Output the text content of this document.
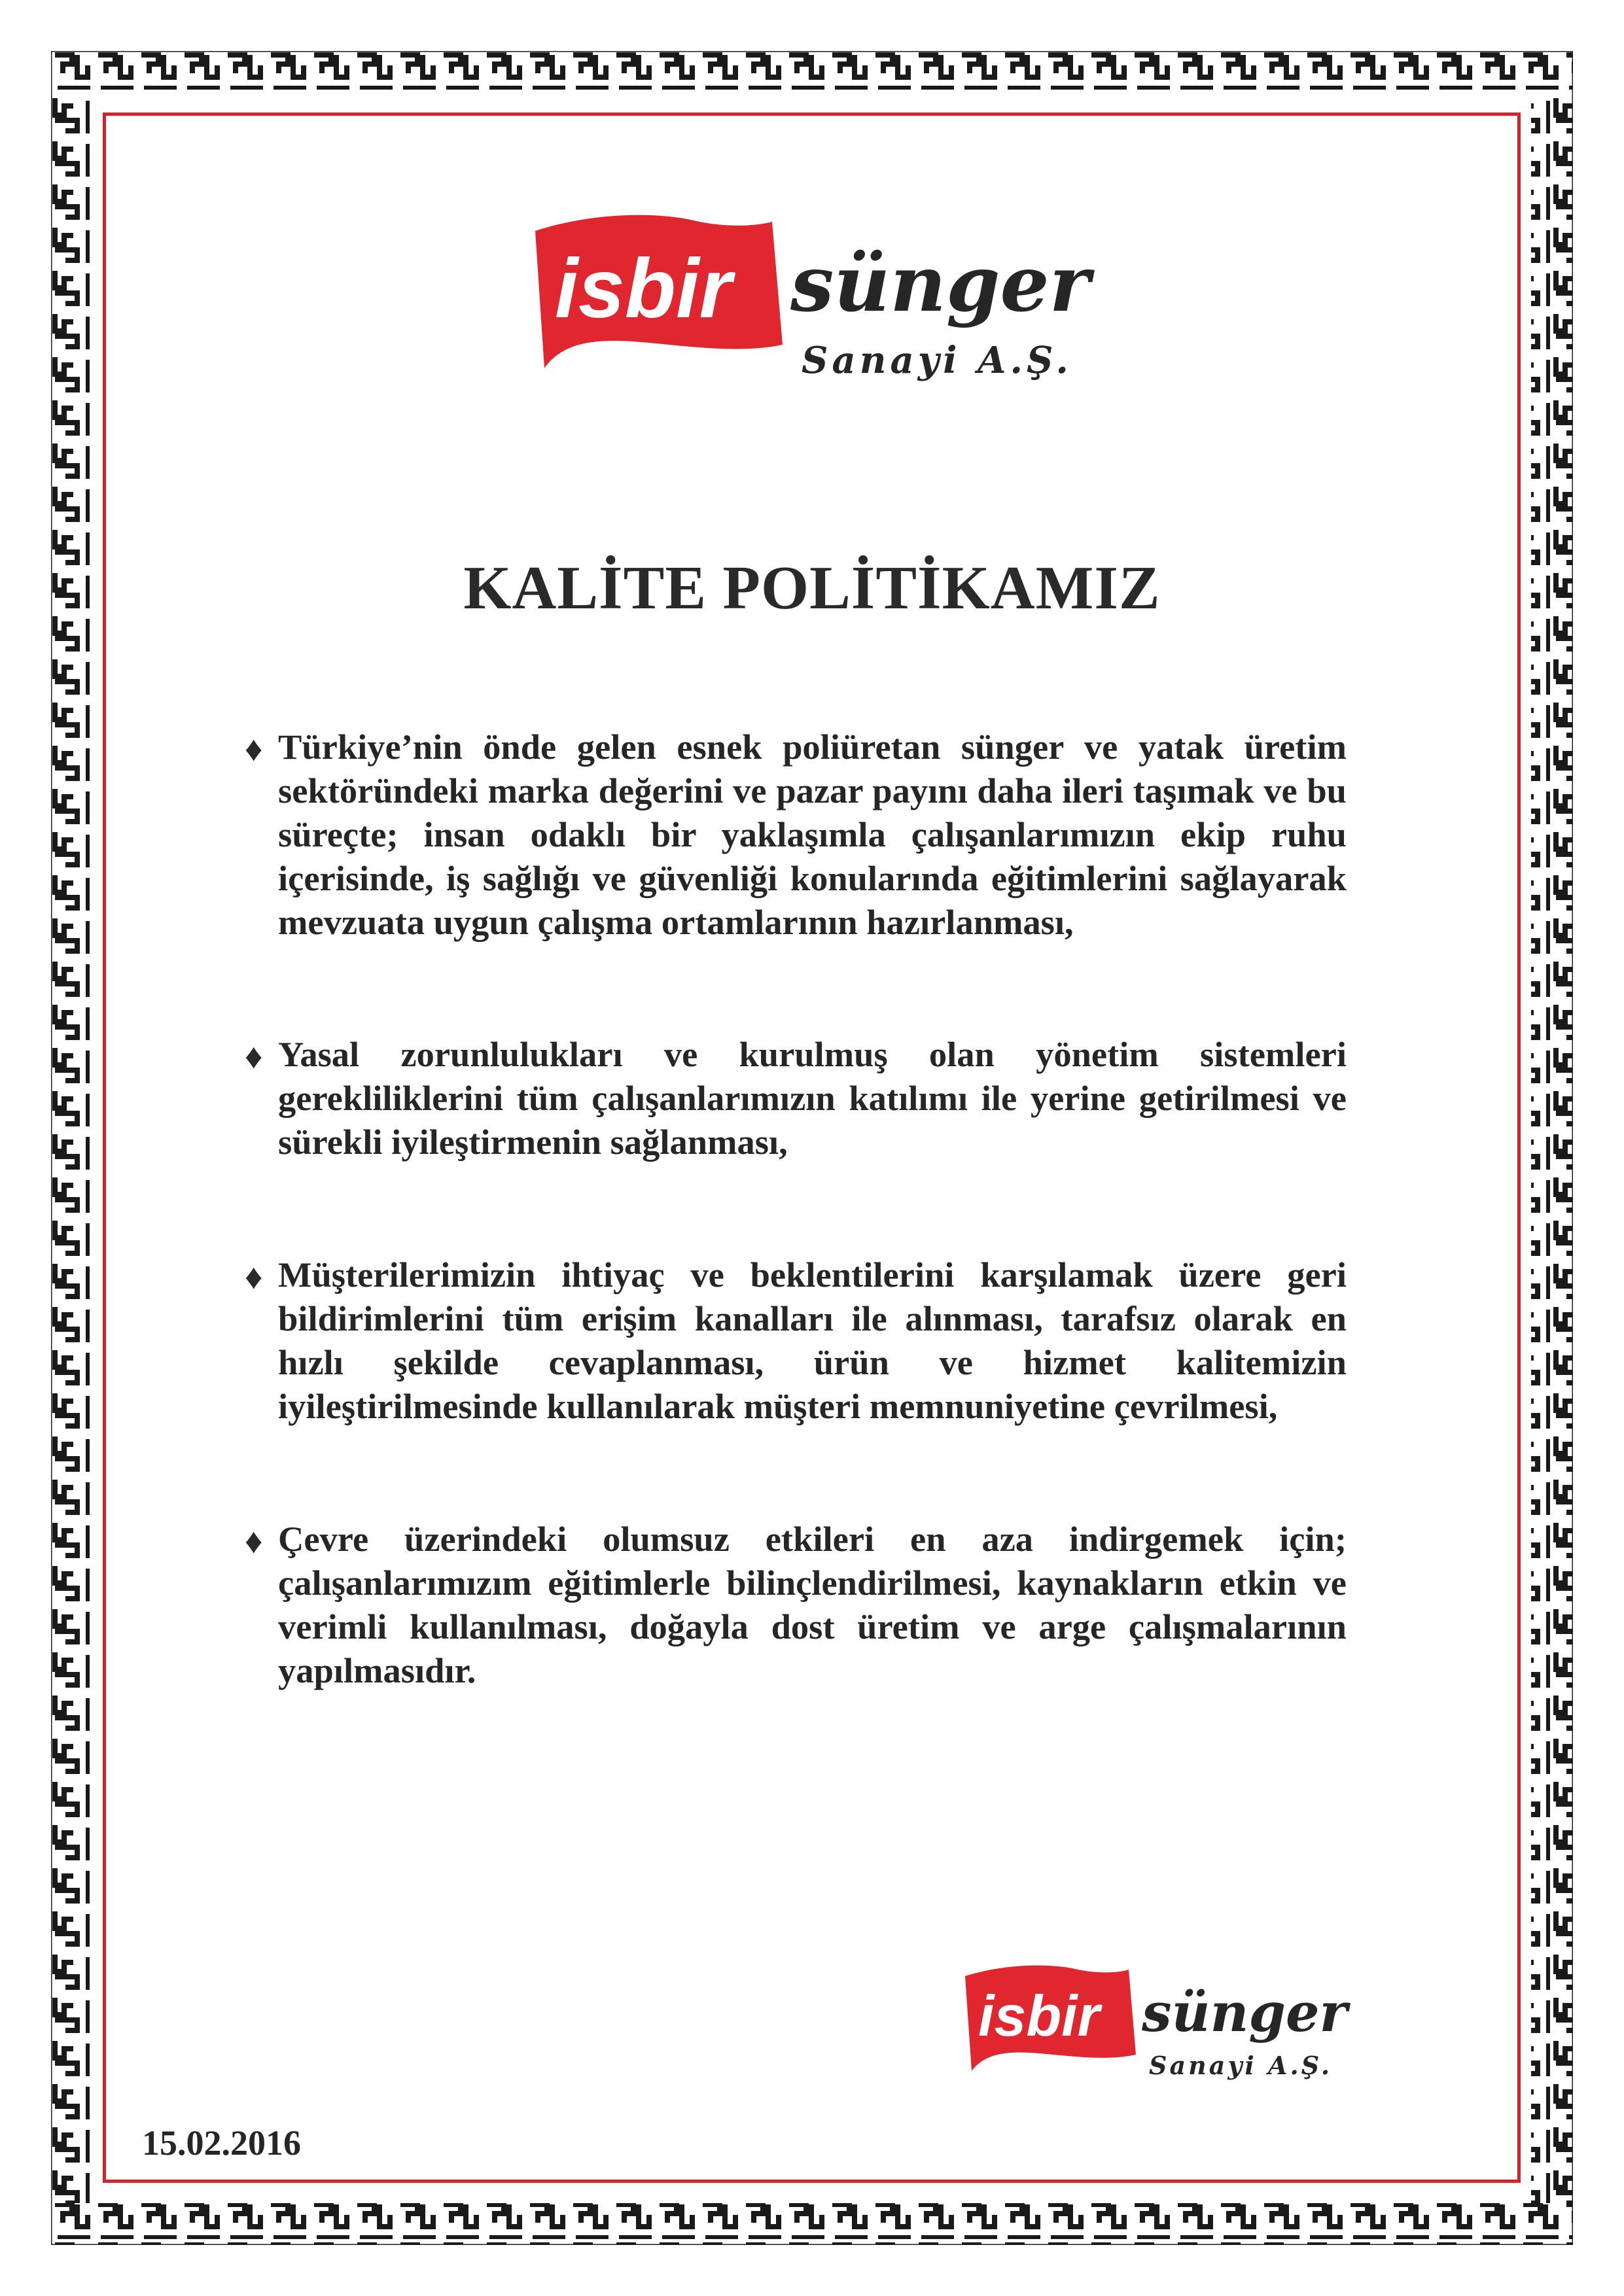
isbir sünger
Sanayi A.Ş.
KALİTE POLİTİKAMIZ
♦ Türkiye’nin önde gelen esnek poliüretan sünger ve yatak üretim sektöründeki marka değerini ve pazar payını daha ileri taşımak ve bu süreçte; insan odaklı bir yaklaşımla çalışanlarımızın ekip ruhu içerisinde, iş sağlığı ve güvenliği konularında eğitimlerini sağlayarak mevzuata uygun çalışma ortamlarının hazırlanması,

♦ Yasal zorunlulukları ve kurulmuş olan yönetim sistemleri gerekliliklerini tüm çalışanlarımızın katılımı ile yerine getirilmesi ve sürekli iyileştirmenin sağlanması,

♦ Müşterilerimizin ihtiyaç ve beklentilerini karşılamak üzere geri bildirimlerini tüm erişim kanalları ile alınması, tarafsız olarak en hızlı şekilde cevaplanması, ürün ve hizmet kalitemizin iyileştirilmesinde kullanılarak müşteri memnuniyetine çevrilmesi,

♦ Çevre üzerindeki olumsuz etkileri en aza indirgemek için; çalışanlarımızım eğitimlerle bilinçlendirilmesi, kaynakların etkin ve verimli kullanılması, doğayla dost üretim ve arge çalışmalarının yapılmasıdır.

isbir sünger
Sanayi A.Ş.
15.02.2016
